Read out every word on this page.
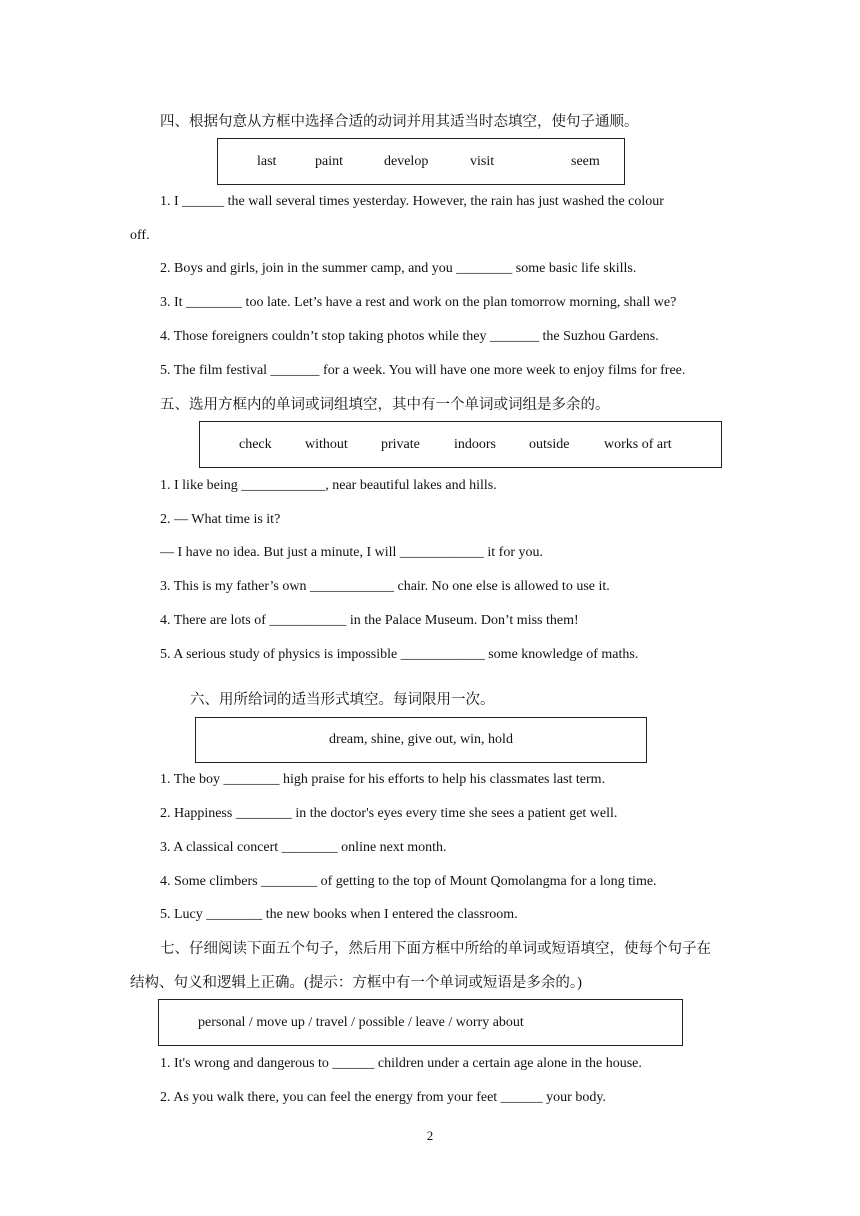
四、根据句意从方框中选择合适的动词并用其适当时态填空，使句子通顺。
last	paint	develop	visit	seem
1. I ______ the wall several times yesterday. However, the rain has just washed the colour
off.
2. Boys and girls, join in the summer camp, and you ________ some basic life skills.
3. It ________ too late. Let’s have a rest and work on the plan tomorrow morning, shall we?
4. Those foreigners couldn’t stop taking photos while they _______ the Suzhou Gardens.
5. The film festival _______ for a week. You will have one more week to enjoy films for free.
五、选用方框内的单词或词组填空，其中有一个单词或词组是多余的。
check without private indoors outside works of art
1. I like being ____________, near beautiful lakes and hills.
2. — What time is it?
— I have no idea. But just a minute, I will ____________ it for you.
3. This is my father’s own ____________ chair. No one else is allowed to use it.
4. There are lots of ___________ in the Palace Museum. Don’t miss them!
5. A serious study of physics is impossible ____________ some knowledge of maths.
六、用所给词的适当形式填空。每词限用一次。
dream, shine, give out, win, hold
1. The boy ________ high praise for his efforts to help his classmates last term.
2. Happiness ________ in the doctor's eyes every time she sees a patient get well.
3. A classical concert ________ online next month.
4. Some climbers ________ of getting to the top of Mount Qomolangma for a long time.
5. Lucy ________ the new books when I entered the classroom.
七、仔细阅读下面五个句子，然后用下面方框中所给的单词或短语填空，使每个句子在
结构、句义和逻辑上正确。(提示：方框中有一个单词或短语是多余的。)
personal / move up / travel / possible / leave / worry about
1. It's wrong and dangerous to ______ children under a certain age alone in the house.
2. As you walk there, you can feel the energy from your feet ______ your body.
2
